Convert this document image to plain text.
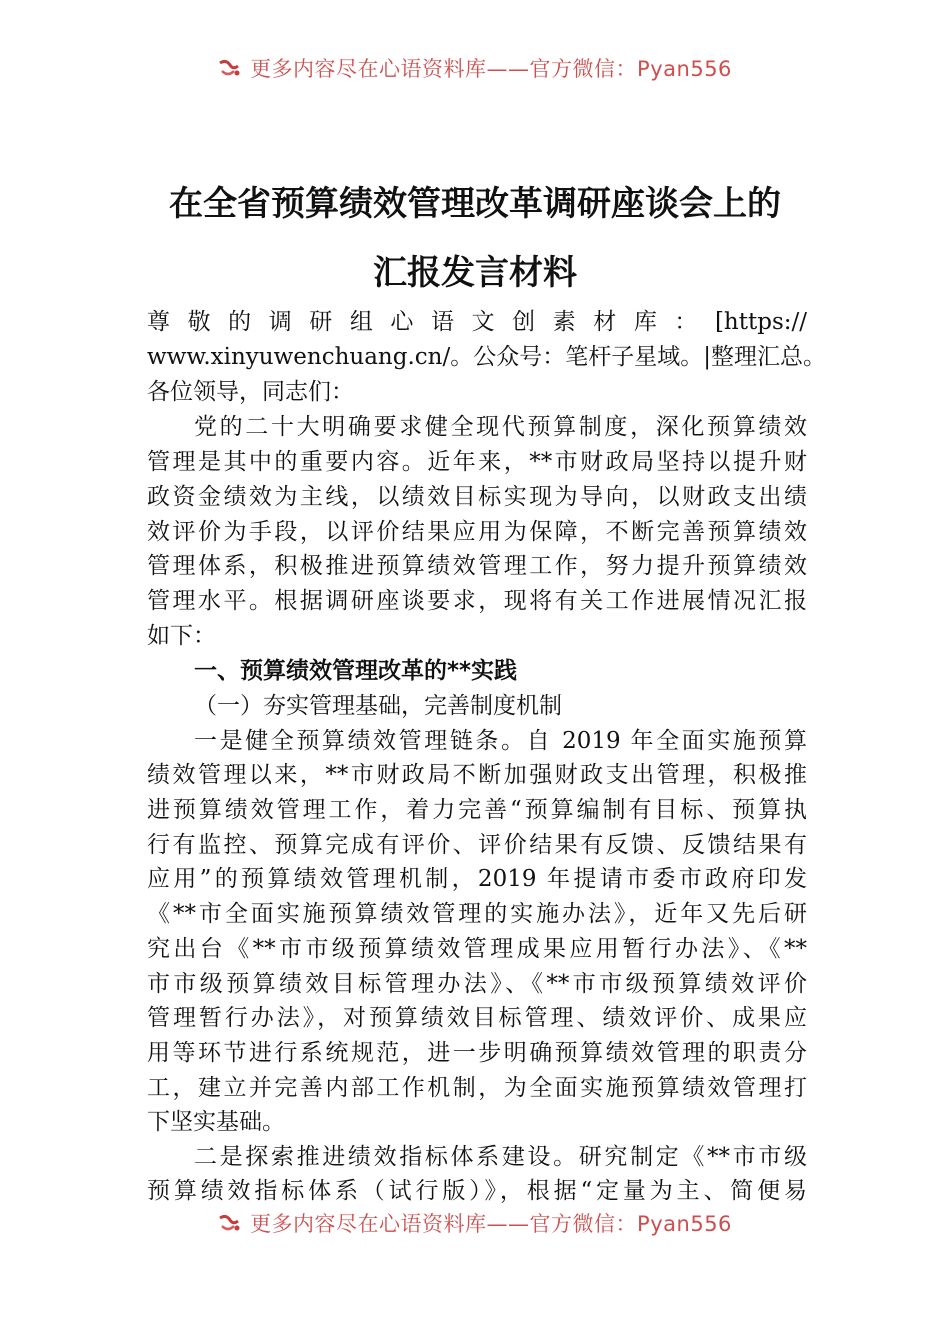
更多内容尽在心语资料库——官方微信：Pyan556
在全省预算绩效管理改革调研座谈会上的
汇报发言材料
尊敬的调研组心语文创素材库：[https://
www.xinyuwenchuang.cn/。公众号：笔杆子星域。|整理汇总。
各位领导，同志们：
党的二十大明确要求健全现代预算制度，深化预算绩效
管理是其中的重要内容。近年来，**市财政局坚持以提升财
政资金绩效为主线，以绩效目标实现为导向，以财政支出绩
效评价为手段，以评价结果应用为保障，不断完善预算绩效
管理体系，积极推进预算绩效管理工作，努力提升预算绩效
管理水平。根据调研座谈要求，现将有关工作进展情况汇报
如下：
一、预算绩效管理改革的**实践
（一）夯实管理基础，完善制度机制
一是健全预算绩效管理链条。自 2019 年全面实施预算
绩效管理以来，**市财政局不断加强财政支出管理，积极推
进预算绩效管理工作，着力完善“预算编制有目标、预算执
行有监控、预算完成有评价、评价结果有反馈、反馈结果有
应用”的预算绩效管理机制，2019 年提请市委市政府印发
《**市全面实施预算绩效管理的实施办法》，近年又先后研
究出台《**市市级预算绩效管理成果应用暂行办法》、《**
市市级预算绩效目标管理办法》、《**市市级预算绩效评价
管理暂行办法》，对预算绩效目标管理、绩效评价、成果应
用等环节进行系统规范，进一步明确预算绩效管理的职责分
工，建立并完善内部工作机制，为全面实施预算绩效管理打
下坚实基础。
二是探索推进绩效指标体系建设。研究制定《**市市级
预算绩效指标体系（试行版）》，根据“定量为主、简便易
更多内容尽在心语资料库——官方微信：Pyan556
